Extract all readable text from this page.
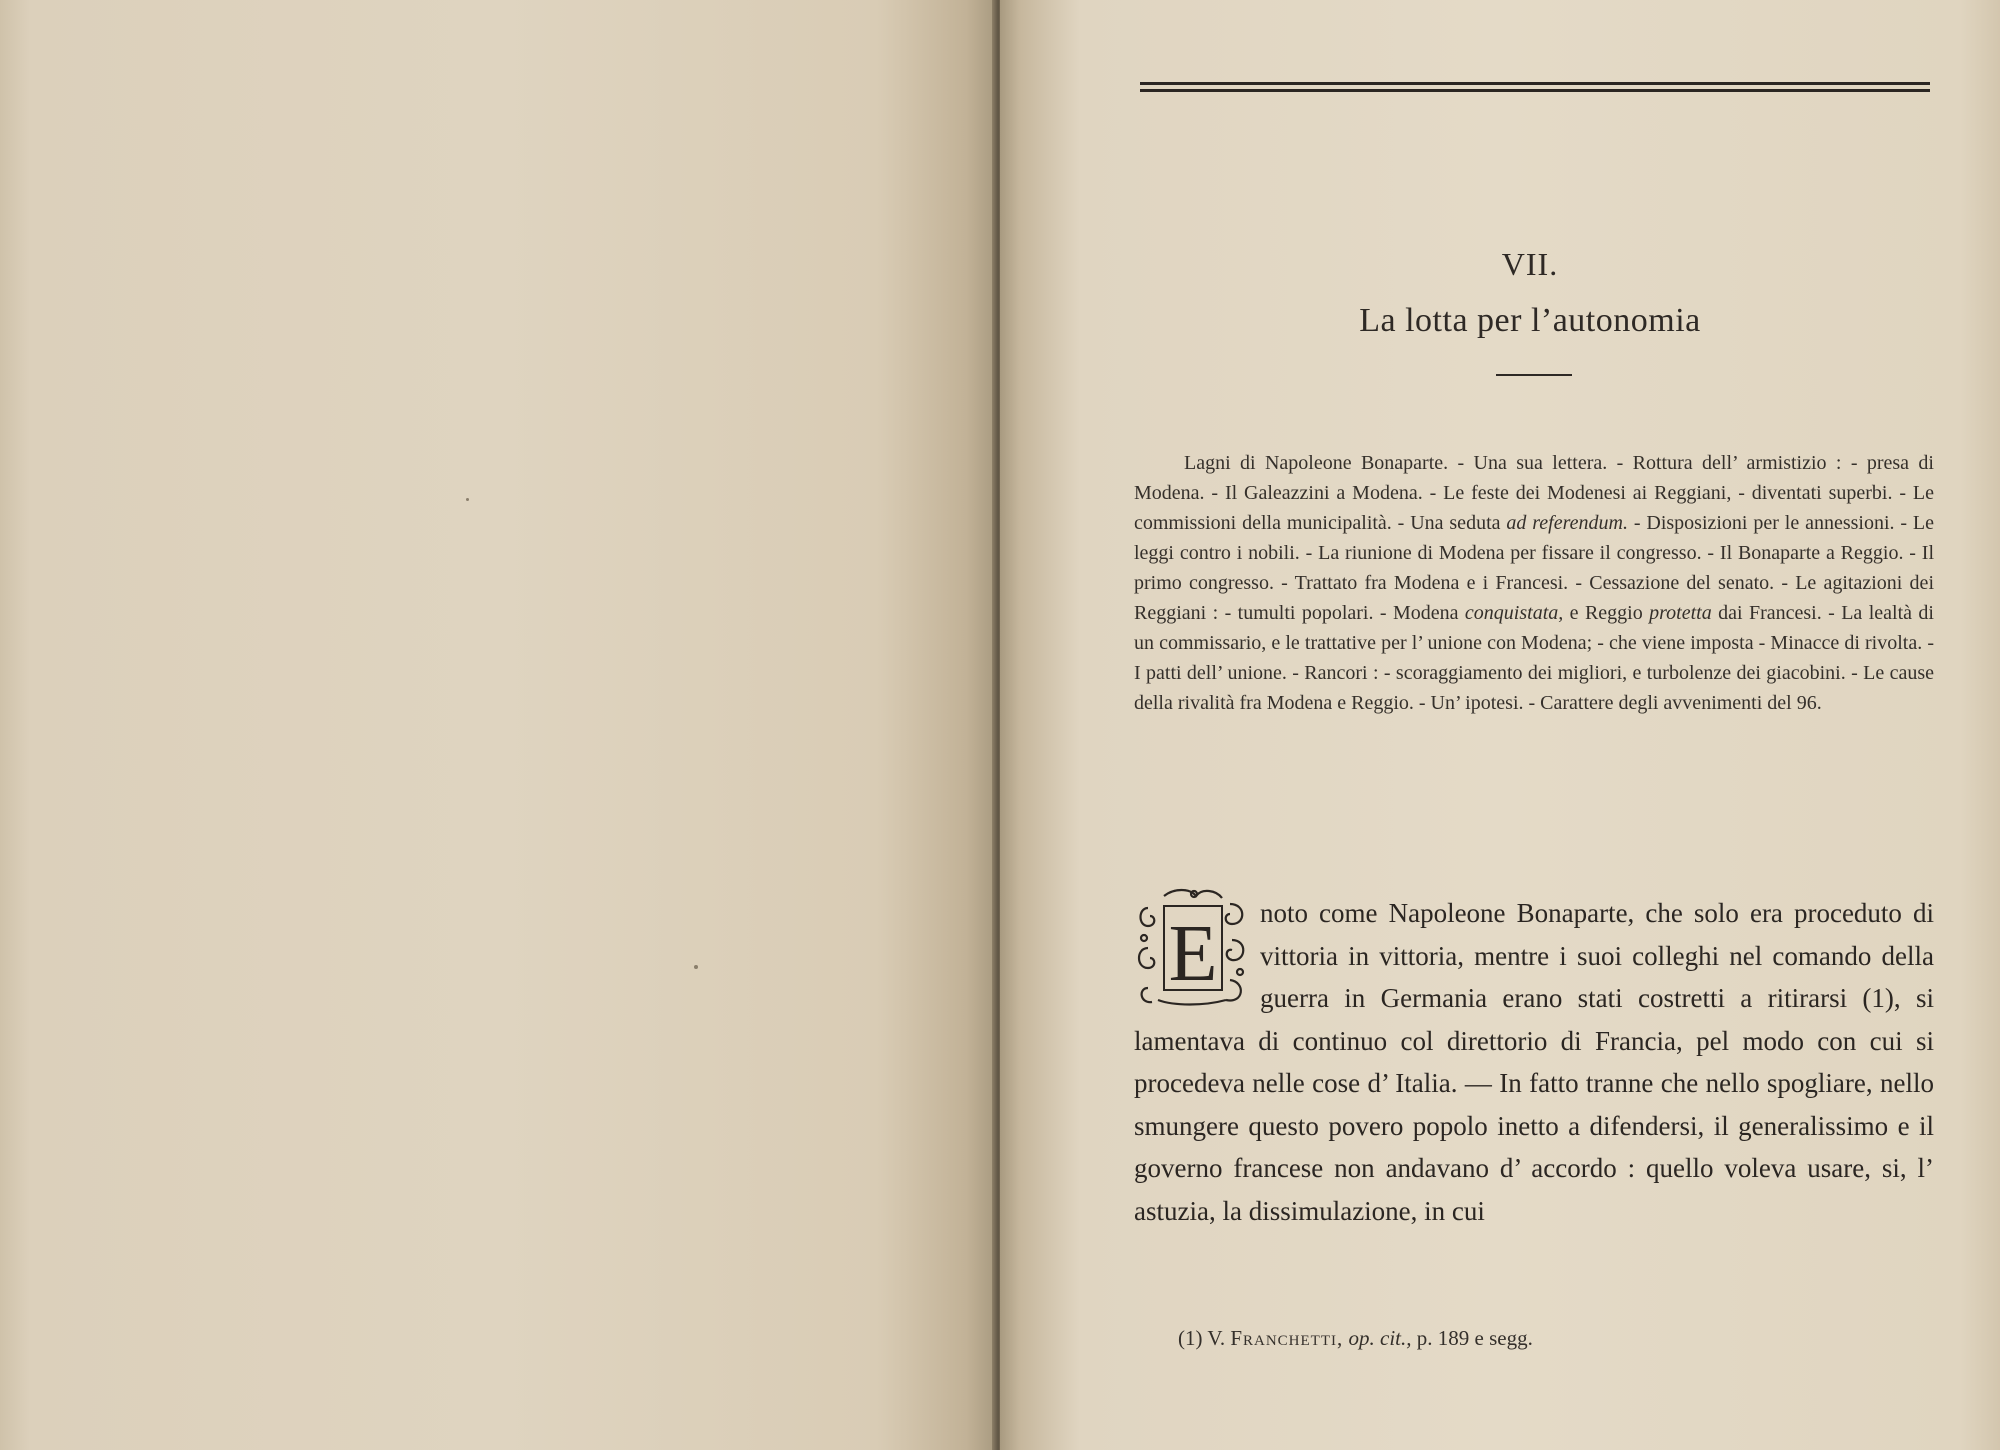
VII.
La lotta per l’autonomia

Lagni di Napoleone Bonaparte. - Una sua lettera. - Rottura dell’ armistizio : - presa di Modena. - Il Galeazzini a Modena. - Le feste dei Modenesi ai Reggiani, - diventati superbi. - Le commissioni della municipalità. - Una seduta ad referendum. - Disposizioni per le annessioni. - Le leggi contro i nobili. - La riunione di Modena per fissare il congresso. - Il Bonaparte a Reggio. - Il primo congresso. - Trattato fra Modena e i Francesi. - Cessazione del senato. - Le agitazioni dei Reggiani : - tumulti popolari. - Modena conquistata, e Reggio protetta dai Francesi. - La lealtà di un commissario, e le trattative per l’ unione con Modena; - che viene imposta - Minacce di rivolta. - I patti dell’ unione. - Rancori : - scoraggiamento dei migliori, e turbolenze dei giacobini. - Le cause della rivalità fra Modena e Reggio. - Un’ ipotesi. - Carattere degli avvenimenti del 96.

E	noto come Napoleone Bonaparte, che solo era proceduto di vittoria in vittoria, mentre i suoi colleghi nel comando della guerra in Germania erano stati costretti a ritirarsi (1), si lamentava di continuo col direttorio di Francia, pel modo con cui si procedeva nelle cose d’ Italia. — In fatto tranne che nello spogliare, nello smungere questo povero popolo inetto a difendersi, il generalissimo e il governo francese non andavano d’ accordo : quello voleva usare, si, l’ astuzia, la dissimulazione, in cui

(1) V. Franchetti, op. cit., p. 189 e segg.
